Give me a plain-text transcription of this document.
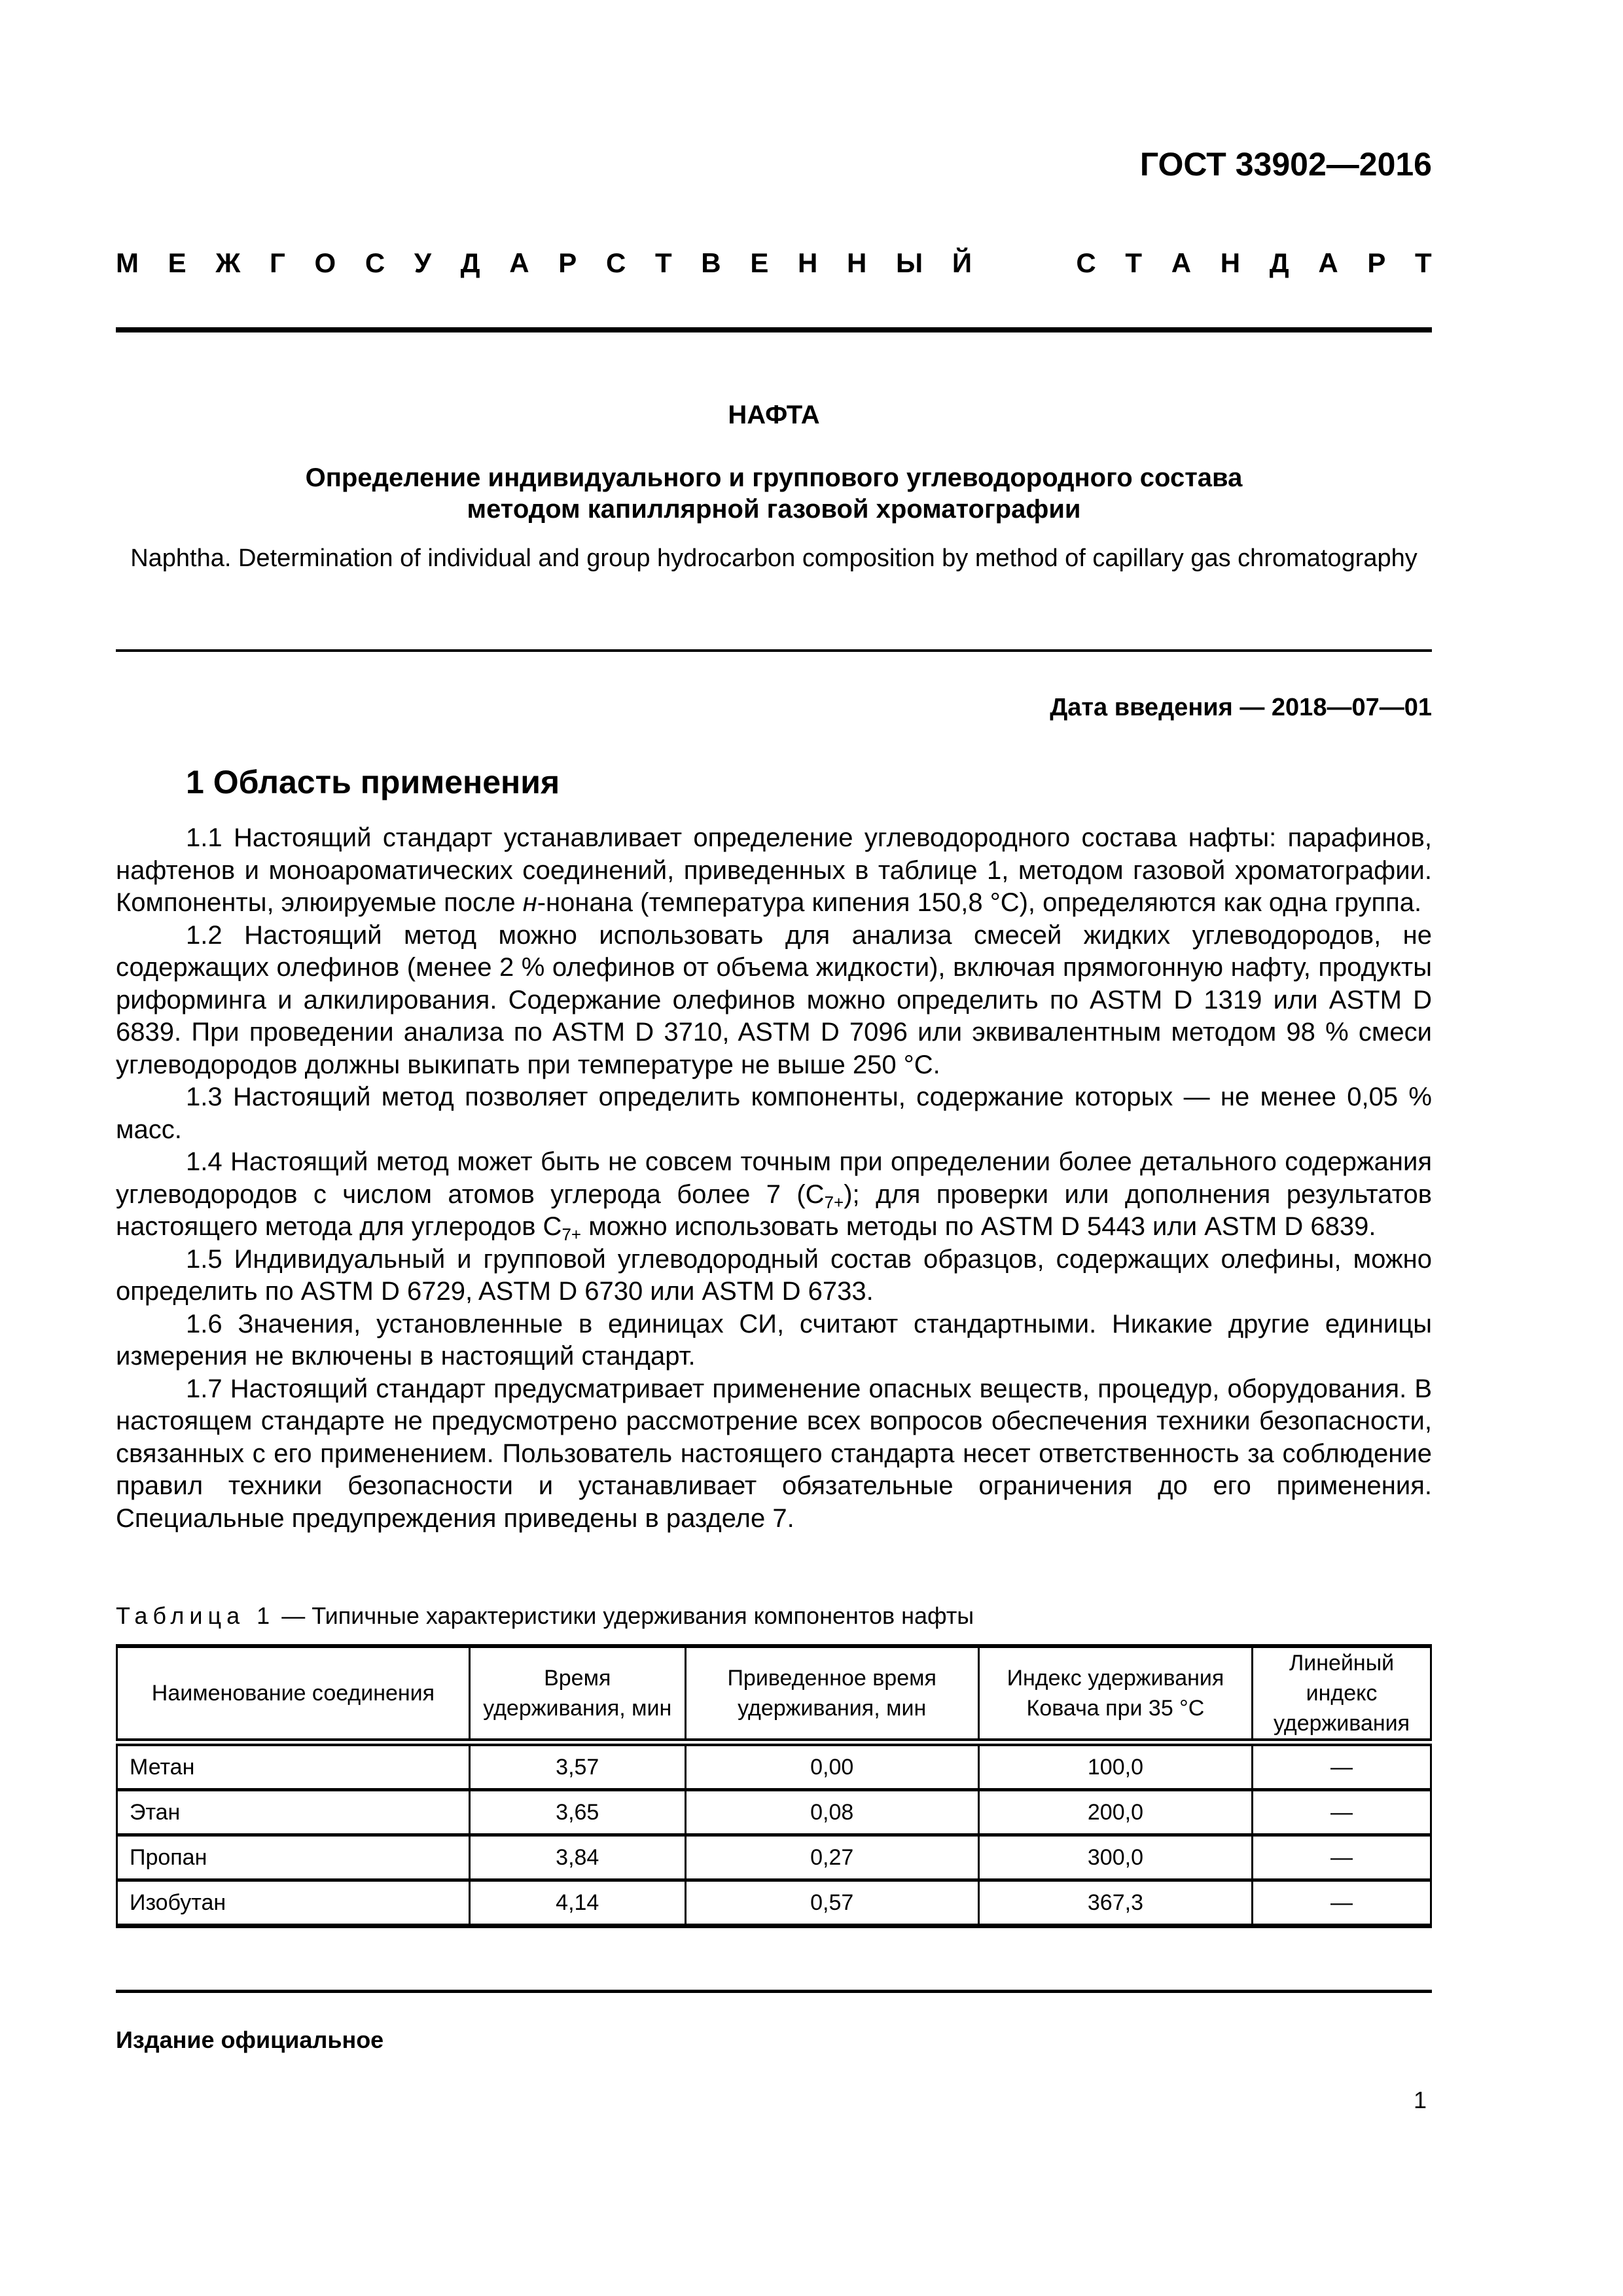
ГОСТ 33902—2016
М Е Ж Г О С У Д А Р С Т В Е Н Н Ы Й	С Т А Н Д А Р Т
НАФТА
Определение индивидуального и группового углеводородного состава
методом капиллярной газовой хроматографии
Naphtha. Determination of individual and group hydrocarbon composition by method of capillary gas chromatography
Дата введения — 2018—07—01
1 Область применения

1.1 Настоящий стандарт устанавливает определение углеводородного состава нафты: парафинов, нафтенов и моноароматических соединений, приведенных в таблице 1, методом газовой хроматографии. Компоненты, элюируемые после н-нонана (температура кипения 150,8 °С), определяются как одна группа.

1.2 Настоящий метод можно использовать для анализа смесей жидких углеводородов, не содержащих олефинов (менее 2 % олефинов от объема жидкости), включая прямогонную нафту, продукты риформинга и алкилирования. Содержание олефинов можно определить по ASTM D 1319 или ASTM D 6839. При проведении анализа по ASTM D 3710, ASTM D 7096 или эквивалентным методом 98 % смеси углеводородов должны выкипать при температуре не выше 250 °С.

1.3 Настоящий метод позволяет определить компоненты, содержание которых — не менее 0,05 % масс.

1.4 Настоящий метод может быть не совсем точным при определении более детального содержания углеводородов с числом атомов углерода более 7 $(С_{7+})$; для проверки или дополнения результатов настоящего метода для углеродов $С_{7+}$ можно использовать методы по ASTM D 5443 или ASTM D 6839.

1.5 Индивидуальный и групповой углеводородный состав образцов, содержащих олефины, можно определить по ASTM D 6729, ASTM D 6730 или ASTM D 6733.

1.6 Значения, установленные в единицах СИ, считают стандартными. Никакие другие единицы измерения не включены в настоящий стандарт.

1.7 Настоящий стандарт предусматривает применение опасных веществ, процедур, оборудования. В настоящем стандарте не предусмотрено рассмотрение всех вопросов обеспечения техники безопасности, связанных с его применением. Пользователь настоящего стандарта несет ответственность за соблюдение правил техники безопасности и устанавливает обязательные ограничения до его применения. Специальные предупреждения приведены в разделе 7.

Таблица 1 — Типичные характеристики удерживания компонентов нафты
Наименование соединения	Время удерживания, мин	Приведенное время удерживания, мин	Индекс удерживания Ковача при 35 °С	Линейный индекс удерживания
Метан	3,57	0,00	100,0	—
Этан	3,65	0,08	200,0	—
Пропан	3,84	0,27	300,0	—
Изобутан	4,14	0,57	367,3	—
Издание официальное
1
